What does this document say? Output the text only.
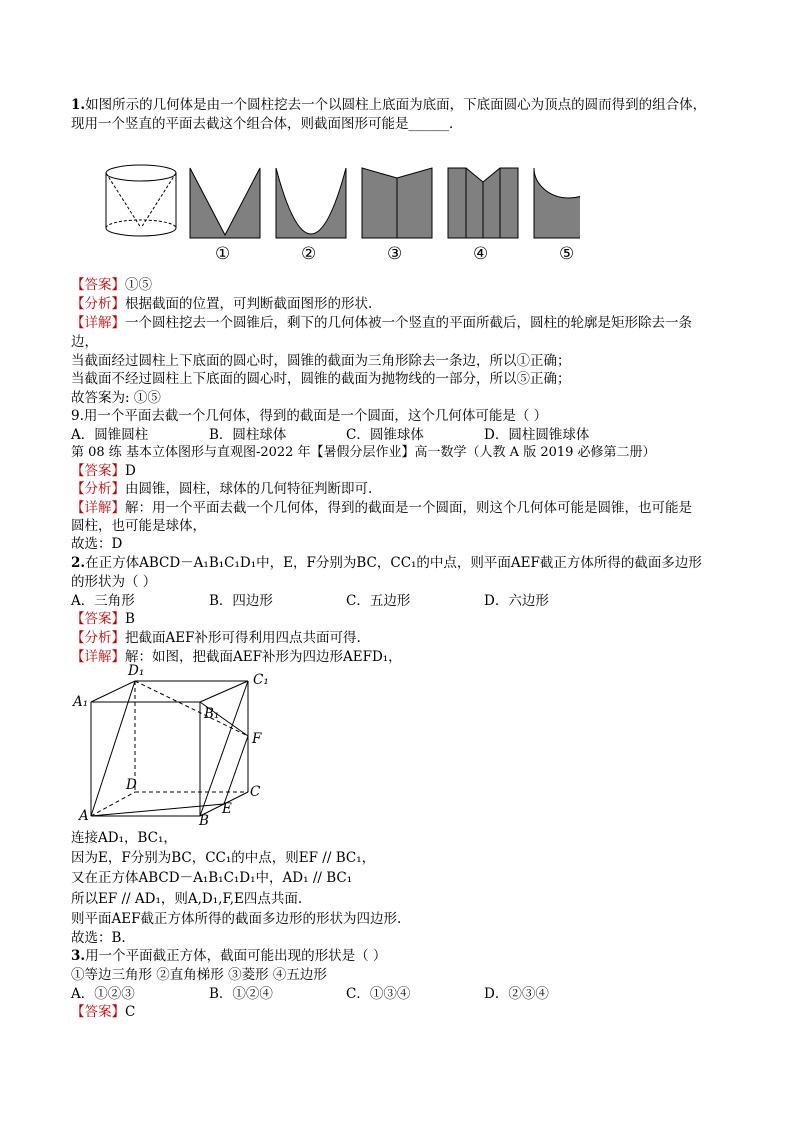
1.如图所示的几何体是由一个圆柱挖去一个以圆柱上底面为底面，下底面圆心为顶点的圆而得到的组合体，
现用一个竖直的平面去截这个组合体，则截面图形可能是______．
①	②	③	④	⑤
【答案】①⑤
【分析】根据截面的位置，可判断截面图形的形状.
【详解】一个圆柱挖去一个圆锥后，剩下的几何体被一个竖直的平面所截后，圆柱的轮廓是矩形除去一条
边，
当截面经过圆柱上下底面的圆心时，圆锥的截面为三角形除去一条边，所以①正确；
当截面不经过圆柱上下底面的圆心时，圆锥的截面为抛物线的一部分，所以⑤正确；
故答案为: ①⑤
9.用一个平面去截一个几何体，得到的截面是一个圆面，这个几何体可能是（ ）
A．圆锥圆柱	B．圆柱球体	C．圆锥球体	D．圆柱圆锥球体
第 08 练 基本立体图形与直观图-2022 年【暑假分层作业】高一数学（人教 A 版 2019 必修第二册）
【答案】D
【分析】由圆锥，圆柱，球体的几何特征判断即可.
【详解】解：用一个平面去截一个几何体，得到的截面是一个圆面，则这个几何体可能是圆锥，也可能是
圆柱，也可能是球体，
故选：D
2.在正方体ABCD－A₁B₁C₁D₁中，E，F分别为BC，CC₁的中点，则平面AEF截正方体所得的截面多边形
的形状为（ ）
A．三角形	B．四边形	C．五边形	D．六边形
【答案】B
【分析】把截面AEF补形可得利用四点共面可得.
【详解】解：如图，把截面AEF补形为四边形AEFD₁，
D₁
C₁
A₁
B₁
F
D	C
A	E
B
连接AD₁，BC₁，
因为E，F分别为BC，CC₁的中点，则EF // BC₁，
又在正方体ABCD－A₁B₁C₁D₁中，AD₁ // BC₁
所以EF // AD₁，则A,D₁,F,E四点共面.
则平面AEF截正方体所得的截面多边形的形状为四边形.
故选：B.
3.用一个平面截正方体，截面可能出现的形状是（ ）
①等边三角形 ②直角梯形 ③菱形 ④五边形
A．①②③	B．①②④	C．①③④	D．②③④
【答案】C
